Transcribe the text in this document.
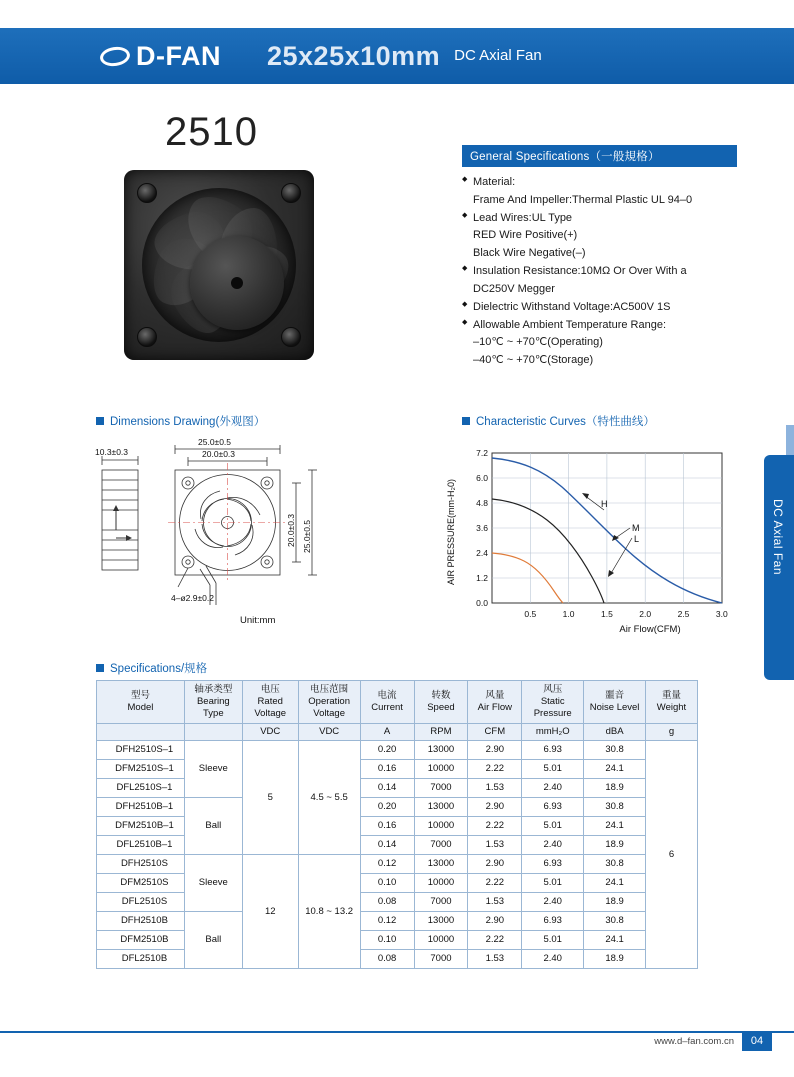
D-FAN 25x25x10mm DC Axial Fan
2510
General Specifications（一般規格）
◆ Material:
Frame And Impeller:Thermal Plastic UL 94–0
◆ Lead Wires:UL Type
RED Wire Positive(+)
Black Wire Negative(–)
◆ Insulation Resistance:10MΩ Or Over With a
DC250V Megger
◆ Dielectric Withstand Voltage:AC500V 1S
◆ Allowable Ambient Temperature Range:
–10℃ ~ +70℃(Operating)
–40℃ ~ +70℃(Storage)
Dimensions Drawing(外观图）	Characteristic Curves（特性曲线）
Specifications/规格
10.3±0.3
25.0±0.5
20.0±0.3
4–ø2.9±0.2
Unit:mm
20.0±0.3 25.0±0.5
H
M
L
7.2
6.0
4.8
3.6
2.4
1.2
0.0
0.5	1.0	1.5	2.0	2.5	3.0
Air Flow(CFM)
AIR PRESSURE(mm-H₂0)
型号
Model

轴承类型
Bearing
Type

电压
Rated
Voltage

电压范围
Operation
Voltage

电流
Current

转数
Speed

风量
Air Flow

风压
Static
Pressure

噩音
Noise Level

重量
Weight

		VDC	VDC	A	RPM	CFM	mmH₂O	dBA	g
DFH2510S–1	Sleeve	5	4.5 ~ 5.5	0.20	13000	2.90	6.93	30.8	6
DFM2510S–1				0.16	10000	2.22	5.01	24.1	
DFL2510S–1				0.14	7000	1.53	2.40	18.9	
DFH2510B–1	Ball			0.20	13000	2.90	6.93	30.8	
DFM2510B–1				0.16	10000	2.22	5.01	24.1	
DFL2510B–1				0.14	7000	1.53	2.40	18.9	
DFH2510S	Sleeve	12	10.8 ~ 13.2	0.12	13000	2.90	6.93	30.8	
DFM2510S				0.10	10000	2.22	5.01	24.1	
DFL2510S				0.08	7000	1.53	2.40	18.9	
DFH2510B	Ball			0.12	13000	2.90	6.93	30.8	
DFM2510B				0.10	10000	2.22	5.01	24.1	
DFL2510B				0.08	7000	1.53	2.40	18.9	
DC Axial Fan
www.d–fan.com.cn	04
